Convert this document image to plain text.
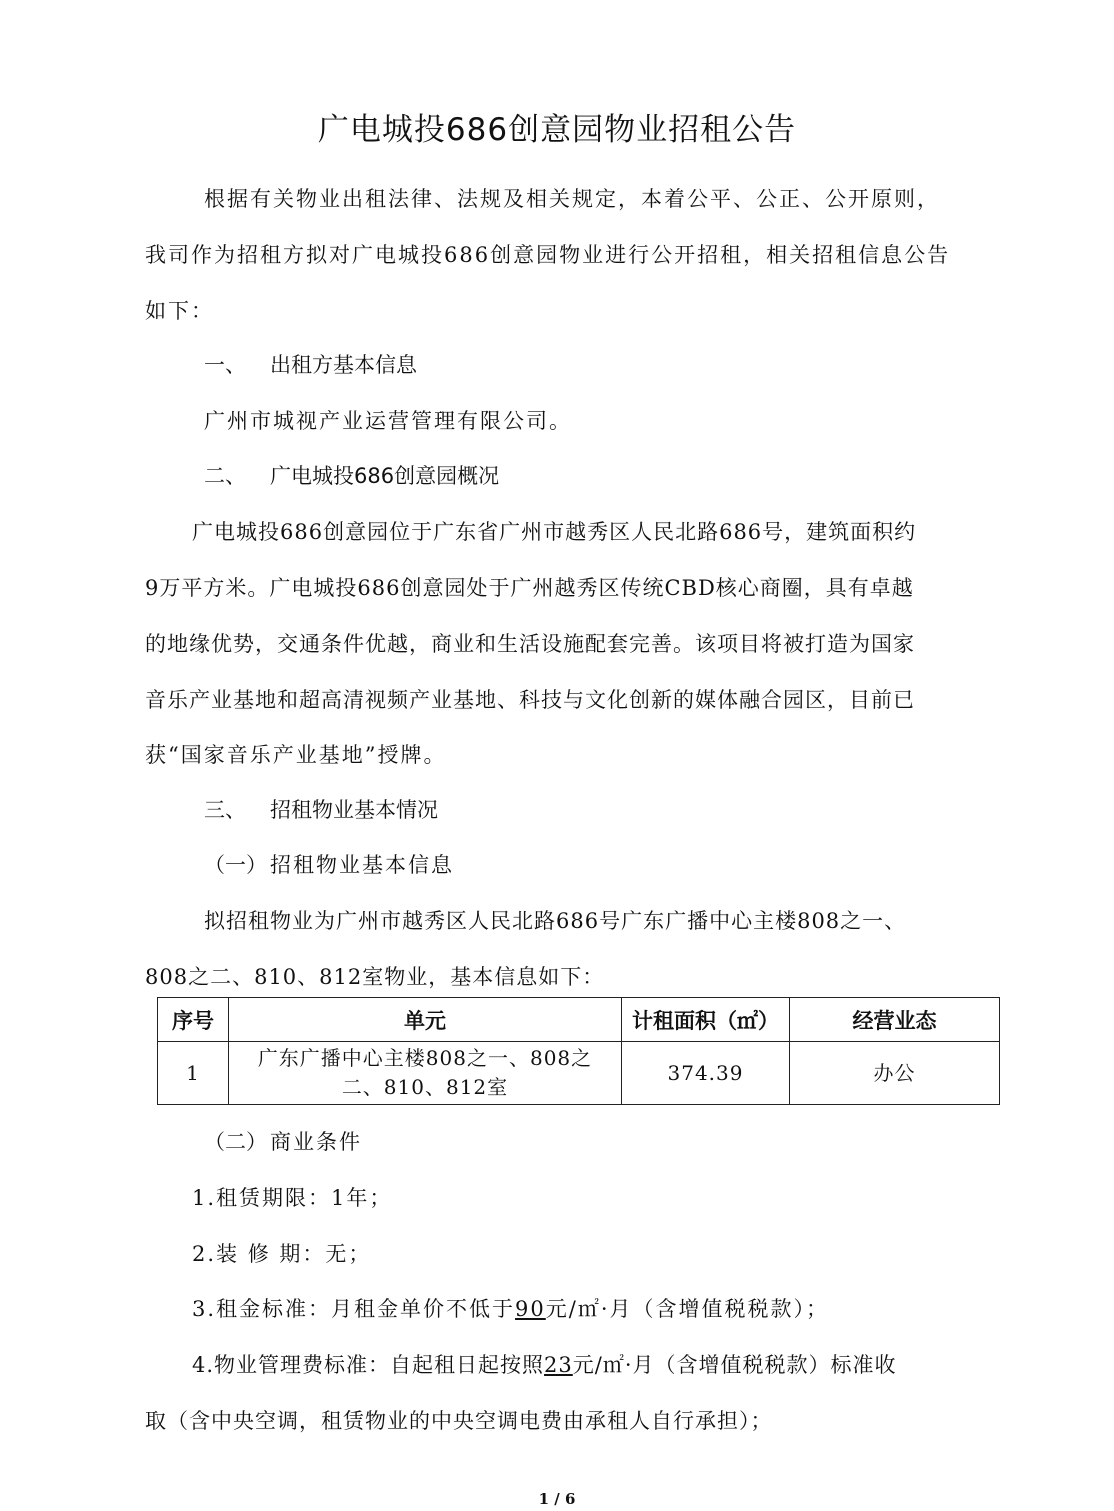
广电城投686创意园物业招租公告
根据有关物业出租法律、法规及相关规定，本着公平、公正、公开原则，
我司作为招租方拟对广电城投686创意园物业进行公开招租，相关招租信息公告
如下：
一、 出租方基本信息
广州市城视产业运营管理有限公司。
二、 广电城投686创意园概况
广电城投686创意园位于广东省广州市越秀区人民北路686号，建筑面积约
9万平方米。广电城投686创意园处于广州越秀区传统CBD核心商圈，具有卓越
的地缘优势，交通条件优越，商业和生活设施配套完善。该项目将被打造为国家
音乐产业基地和超高清视频产业基地、科技与文化创新的媒体融合园区，目前已
获“国家音乐产业基地”授牌。
三、 招租物业基本情况
（一） 招租物业基本信息
拟招租物业为广州市越秀区人民北路686号广东广播中心主楼808之一、
808之二、810、812室物业，基本信息如下：
序号	单元	计租面积（㎡）	经营业态
1	广东广播中心主楼808之一、808之
二、810、812室	374.39	办公
（二） 商业条件
1.租赁期限：1年；
2.装 修 期：无；
3.租金标准：月租金单价不低于90元/㎡·月（含增值税税款）；
4.物业管理费标准：自起租日起按照23元/㎡·月（含增值税税款）标准收
取（含中央空调，租赁物业的中央空调电费由承租人自行承担）；
1 / 6
